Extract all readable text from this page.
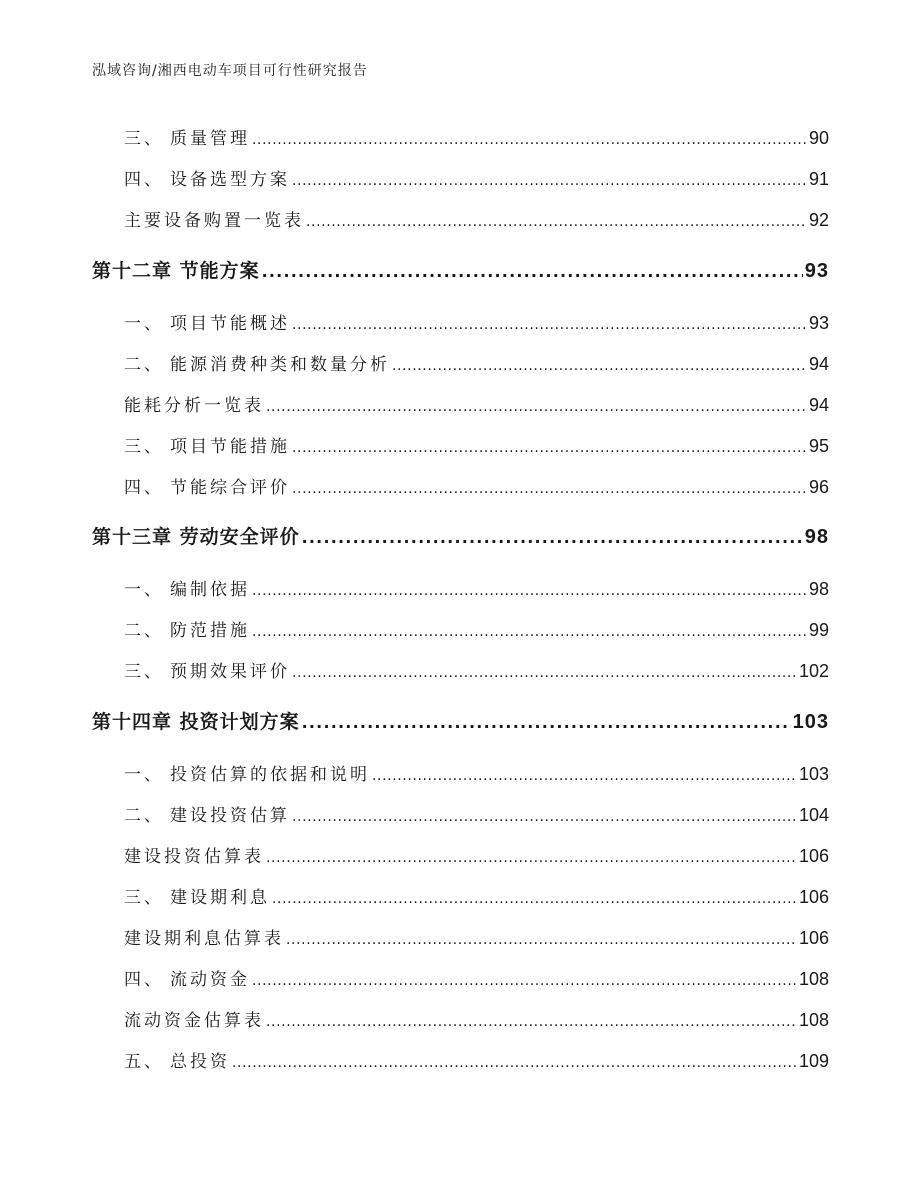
泓域咨询/湘西电动车项目可行性研究报告
三、 质量管理 .....	90
四、 设备选型方案 .....	91
主要设备购置一览表 .....	92
第十二章 节能方案 .....	93
一、 项目节能概述 .....	93
二、 能源消费种类和数量分析 .....	94
能耗分析一览表 .....	94
三、 项目节能措施 .....	95
四、 节能综合评价 .....	96
第十三章 劳动安全评价 .....	98
一、 编制依据 .....	98
二、 防范措施 .....	99
三、 预期效果评价 .....	102
第十四章 投资计划方案 .....	103
一、 投资估算的依据和说明 .....	103
二、 建设投资估算 .....	104
建设投资估算表 .....	106
三、 建设期利息 .....	106
建设期利息估算表 .....	106
四、 流动资金 .....	108
流动资金估算表 .....	108
五、 总投资 .....	109
